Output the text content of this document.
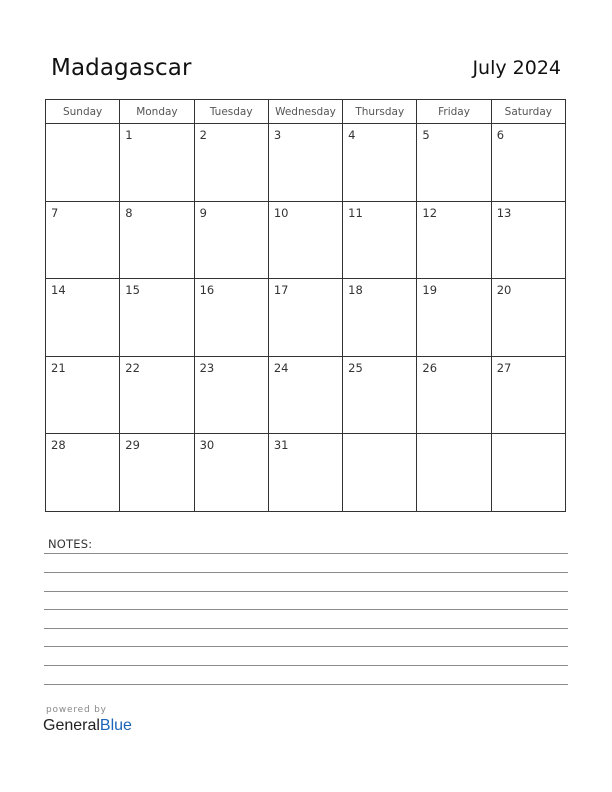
Madagascar	July 2024
Sunday	Monday	Tuesday	Wednesday	Thursday	Friday	Saturday

	1	2	3	4	5	6

7	8	9	10	11	12	13

14	15	16	17	18	19	20

21	22	23	24	25	26	27

28	29	30	31			

NOTES:
powered by
GeneralBlue
